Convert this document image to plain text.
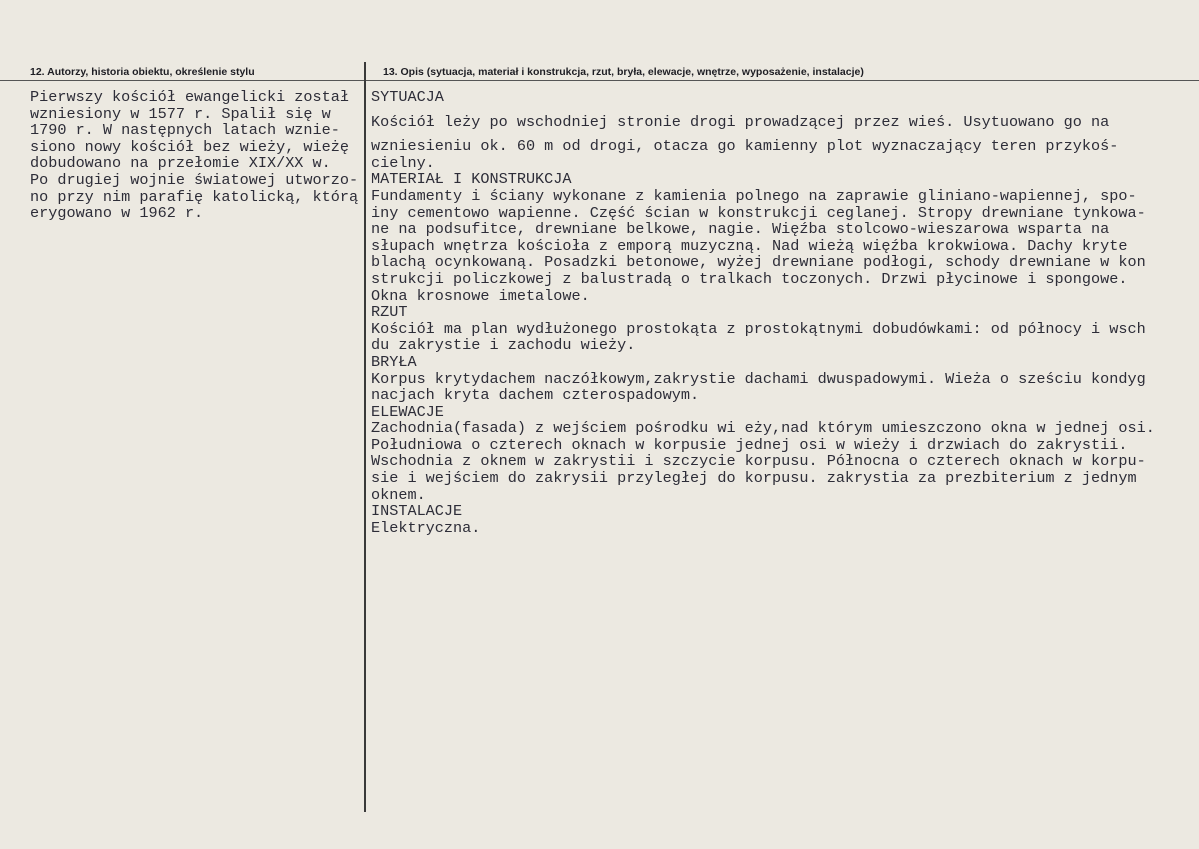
12. Autorzy, historia obiektu, określenie stylu	13. Opis (sytuacja, materiał i konstrukcja, rzut, bryła, elewacje, wnętrze, wyposażenie, instalacje)
Pierwszy kościół ewangelicki został
wzniesiony w 1577 r. Spalił się w
1790 r. W następnych latach wznie-
siono nowy kościół bez wieży, wieżę
dobudowano na przełomie XIX/XX w.
Po drugiej wojnie światowej utworzo-
no przy nim parafię katolicką, którą
erygowano w 1962 r.
SYTUACJA
Kościół leży po wschodniej stronie drogi prowadzącej przez wieś. Usytuowano go na
wzniesieniu ok. 60 m od drogi, otacza go kamienny plot wyznaczający teren przykoś-
cielny.
MATERIAŁ I KONSTRUKCJA
Fundamenty i ściany wykonane z kamienia polnego na zaprawie gliniano-wapiennej, spo-
iny cementowo wapienne. Część ścian w konstrukcji ceglanej. Stropy drewniane tynkowa-
ne na podsufitce, drewniane belkowe, nagie. Więźba stolcowo-wieszarowa wsparta na
słupach wnętrza kościoła z emporą muzyczną. Nad wieżą więźba krokwiowa. Dachy kryte
blachą ocynkowaną. Posadzki betonowe, wyżej drewniane podłogi, schody drewniane w kon
strukcji policzkowej z balustradą o tralkach toczonych. Drzwi płycinowe i spongowe.
Okna krosnowe imetalowe.
RZUT
Kościół ma plan wydłużonego prostokąta z prostokątnymi dobudówkami: od północy i wsch
du zakrystie i zachodu wieży.
BRYŁA
Korpus krytydachem naczółkowym,zakrystie dachami dwuspadowymi. Wieża o sześciu kondyg
nacjach kryta dachem czterospadowym.
ELEWACJE
Zachodnia(fasada) z wejściem pośrodku wi eży,nad którym umieszczono okna w jednej osi.
Południowa o czterech oknach w korpusie jednej osi w wieży i drzwiach do zakrystii.
Wschodnia z oknem w zakrystii i szczycie korpusu. Północna o czterech oknach w korpu-
sie i wejściem do zakrysii przyległej do korpusu. zakrystia za prezbiterium z jednym
oknem.
INSTALACJE
Elektryczna.
